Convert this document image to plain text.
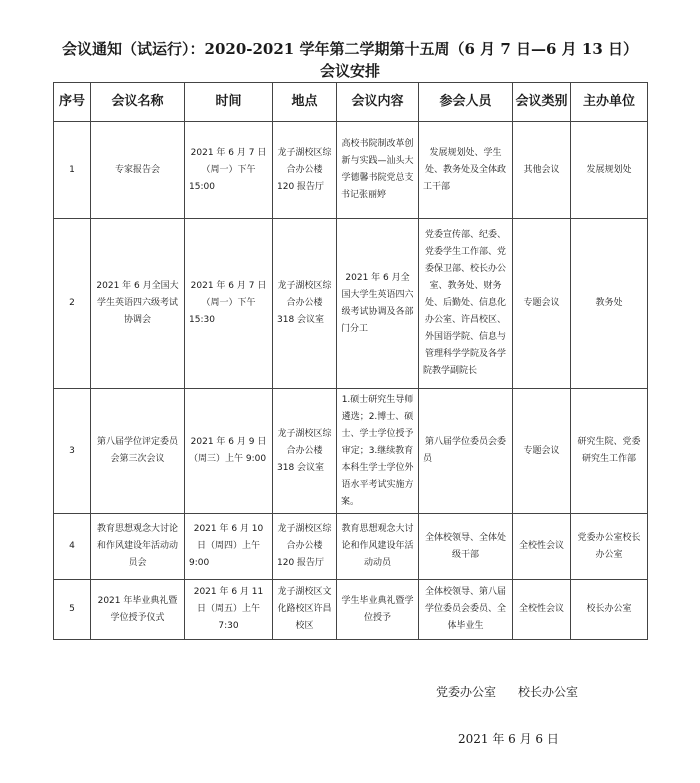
会议通知（试运行）：2020-2021 学年第二学期第十五周（6 月 7 日—6 月 13 日）
会议安排
序号	会议名称	时间	地点	会议内容	参会人员	会议类别	主办单位
1	专家报告会	2021 年 6 月 7 日（周一）下午 15:00	龙子湖校区综合办公楼 120 报告厅	高校书院制改革创新与实践—汕头大学德馨书院党总支书记张丽婷	发展规划处、学生处、教务处及全体政工干部	其他会议	发展规划处
2	2021 年 6 月全国大学生英语四六级考试协调会	2021 年 6 月 7 日（周一）下午 15:30	龙子湖校区综合办公楼 318 会议室	2021 年 6 月全国大学生英语四六级考试协调及各部门分工	党委宣传部、纪委、党委学生工作部、党委保卫部、校长办公室、教务处、财务处、后勤处、信息化办公室、许昌校区、外国语学院、信息与管理科学学院及各学院教学副院长	专题会议	教务处
3	第八届学位评定委员会第三次会议	2021 年 6 月 9 日（周三）上午 9:00	龙子湖校区综合办公楼 318 会议室	1.硕士研究生导师遴选；2.博士、硕士、学士学位授予审定；3.继续教育本科生学士学位外语水平考试实施方案。	第八届学位委员会委员	专题会议	研究生院、党委研究生工作部
4	教育思想观念大讨论和作风建设年活动动员会	2021 年 6 月 10 日（周四）上午 9:00	龙子湖校区综合办公楼 120 报告厅	教育思想观念大讨论和作风建设年活动动员	全体校领导、全体处级干部	全校性会议	党委办公室校长办公室
5	2021 年毕业典礼暨学位授予仪式	2021 年 6 月 11 日（周五）上午 7:30	龙子湖校区文化路校区许昌校区	学生毕业典礼暨学位授予	全体校领导、第八届学位委员会委员、全体毕业生	全校性会议	校长办公室
党委办公室 校长办公室
2021 年 6 月 6 日
